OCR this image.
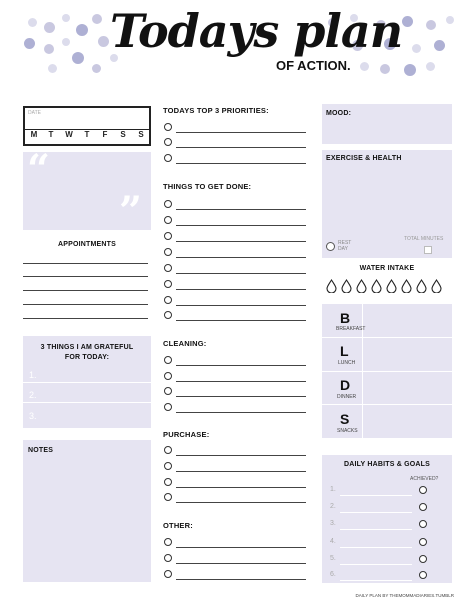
Todays plan
OF ACTION.
DATE
M	T	W	T	F	S	S
“
”
APPOINTMENTS
3 THINGS I AM GRATEFUL
FOR TODAY:
1.
2.
3.
NOTES
TODAYS TOP 3 PRIORITIES:
THINGS TO GET DONE:
CLEANING:
PURCHASE:
OTHER:
MOOD:
EXERCISE & HEALTH
REST
DAY
TOTAL MINUTES
WATER INTAKE
B
BREAKFAST
L
LUNCH
D
DINNER
S
SNACKS
DAILY HABITS & GOALS
ACHIEVED?
1.
2.
3.
4.
5.
6.
DAILY PLAN BY THEMOMMADIARIES.TUMBLR
